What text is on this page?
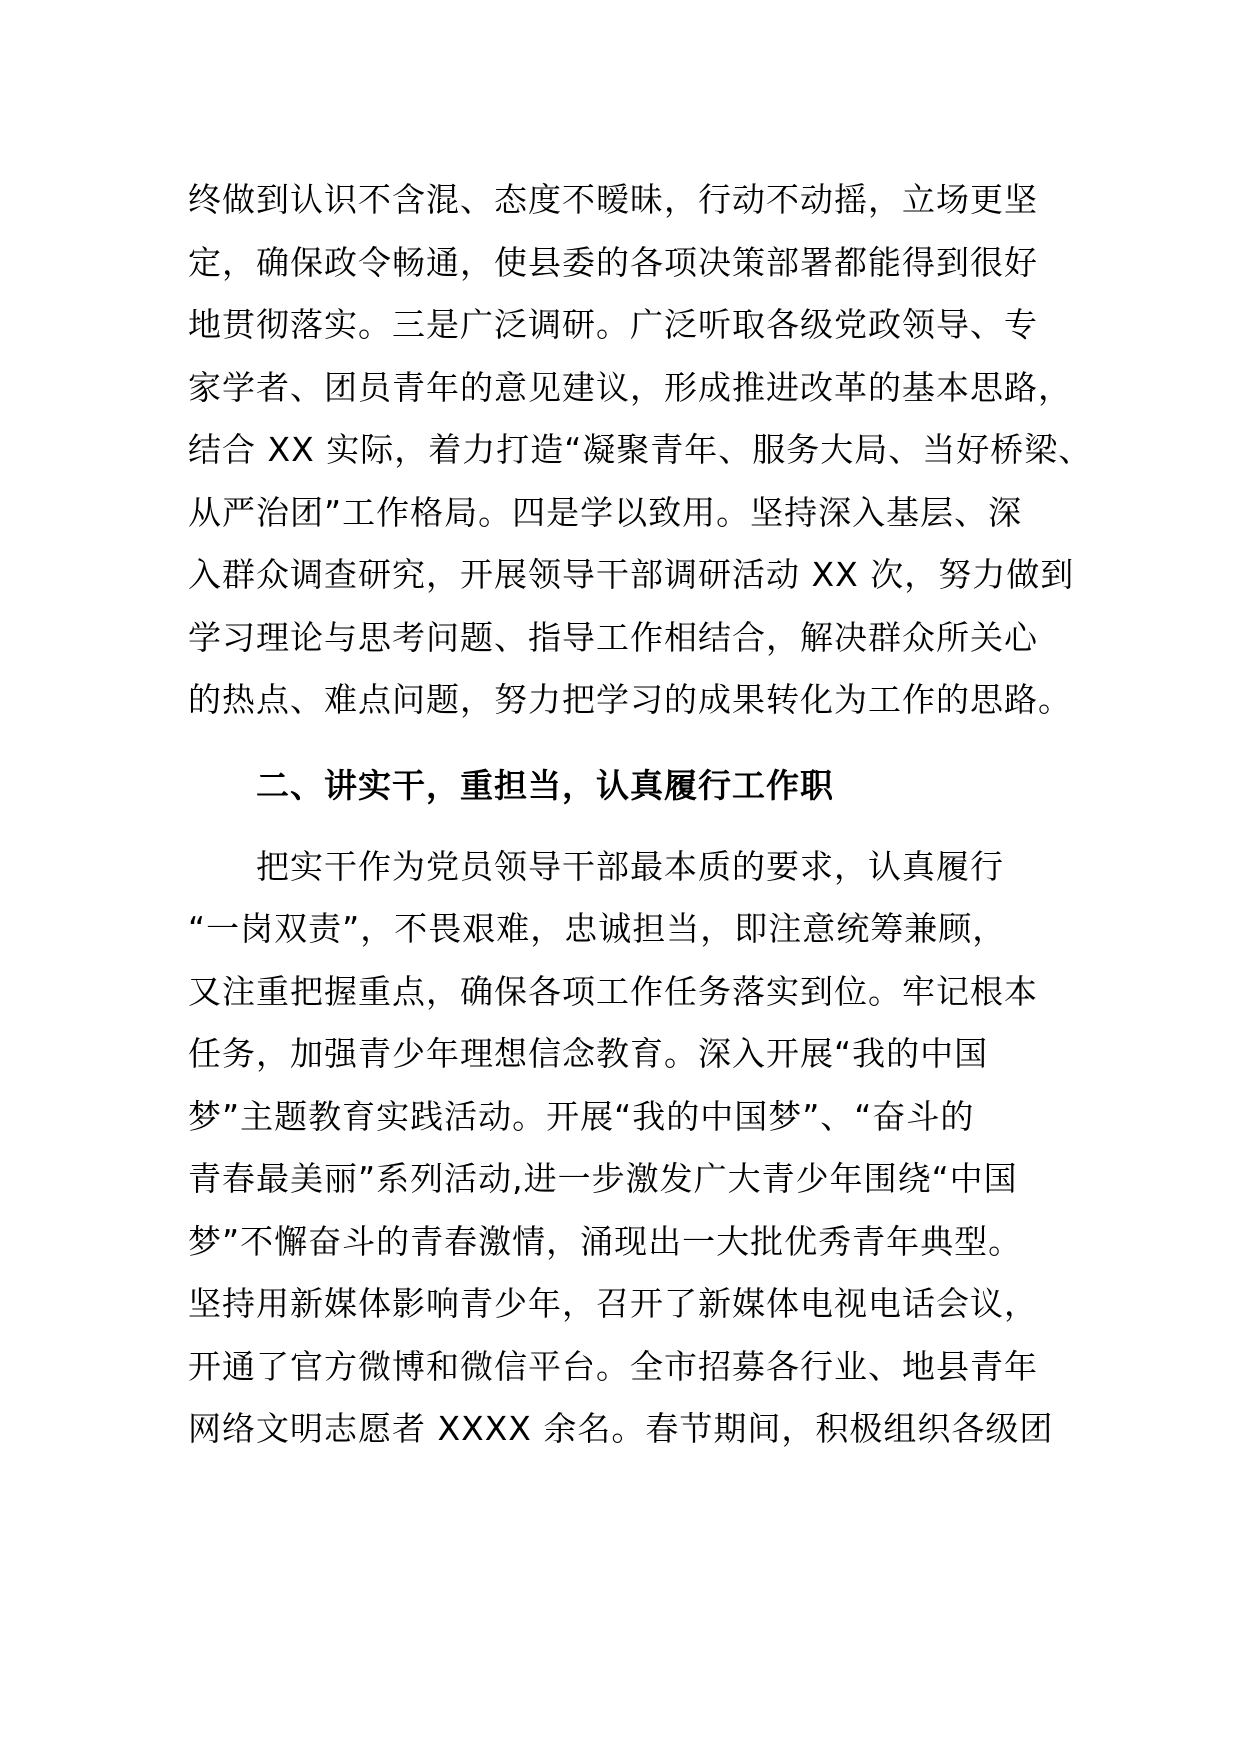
终做到认识不含混、态度不暧昧，行动不动摇，立场更坚
定，确保政令畅通，使县委的各项决策部署都能得到很好
地贯彻落实。三是广泛调研。广泛听取各级党政领导、专
家学者、团员青年的意见建议，形成推进改革的基本思路，
结合 XX 实际，着力打造“凝聚青年、服务大局、当好桥梁、
从严治团”工作格局。四是学以致用。坚持深入基层、深
入群众调查研究，开展领导干部调研活动 XX 次，努力做到
学习理论与思考问题、指导工作相结合，解决群众所关心
的热点、难点问题，努力把学习的成果转化为工作的思路。
二、讲实干，重担当，认真履行工作职
把实干作为党员领导干部最本质的要求，认真履行
“一岗双责”，不畏艰难，忠诚担当，即注意统筹兼顾，
又注重把握重点，确保各项工作任务落实到位。牢记根本
任务，加强青少年理想信念教育。深入开展“我的中国
梦”主题教育实践活动。开展“我的中国梦”、“奋斗的
青春最美丽”系列活动,进一步激发广大青少年围绕“中国
梦”不懈奋斗的青春激情，涌现出一大批优秀青年典型。
坚持用新媒体影响青少年，召开了新媒体电视电话会议，
开通了官方微博和微信平台。全市招募各行业、地县青年
网络文明志愿者 XXXX 余名。春节期间，积极组织各级团
